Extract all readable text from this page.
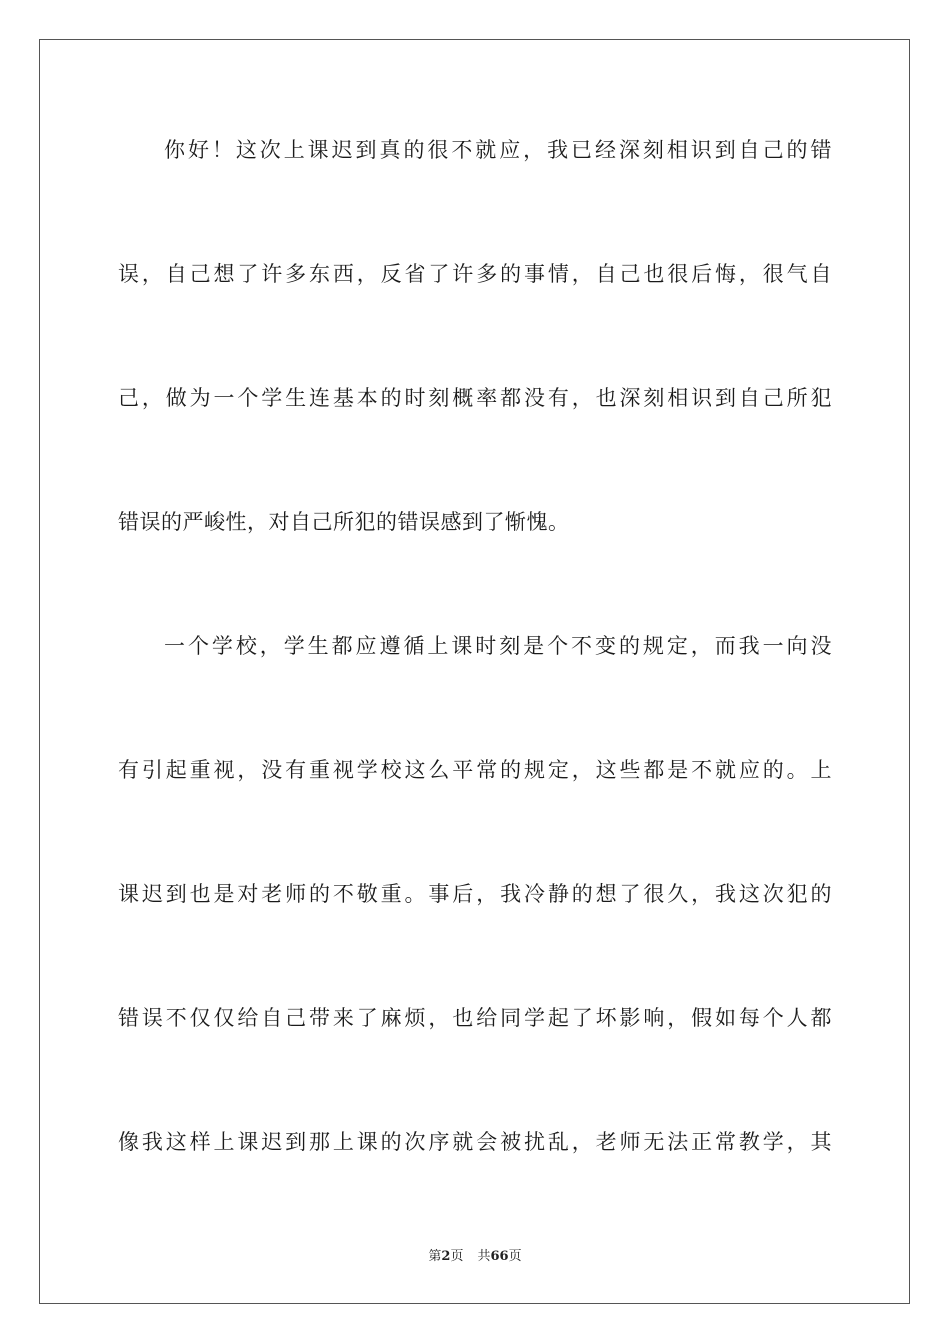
你好！这次上课迟到真的很不就应，我已经深刻相识到自己的错
误，自己想了许多东西，反省了许多的事情，自己也很后悔，很气自
己，做为一个学生连基本的时刻概率都没有，也深刻相识到自己所犯
错误的严峻性，对自己所犯的错误感到了惭愧。
一个学校，学生都应遵循上课时刻是个不变的规定，而我一向没
有引起重视，没有重视学校这么平常的规定，这些都是不就应的。上
课迟到也是对老师的不敬重。事后，我冷静的想了很久，我这次犯的
错误不仅仅给自己带来了麻烦，也给同学起了坏影响，假如每个人都
像我这样上课迟到那上课的次序就会被扰乱，老师无法正常教学，其
第2页 共66页
